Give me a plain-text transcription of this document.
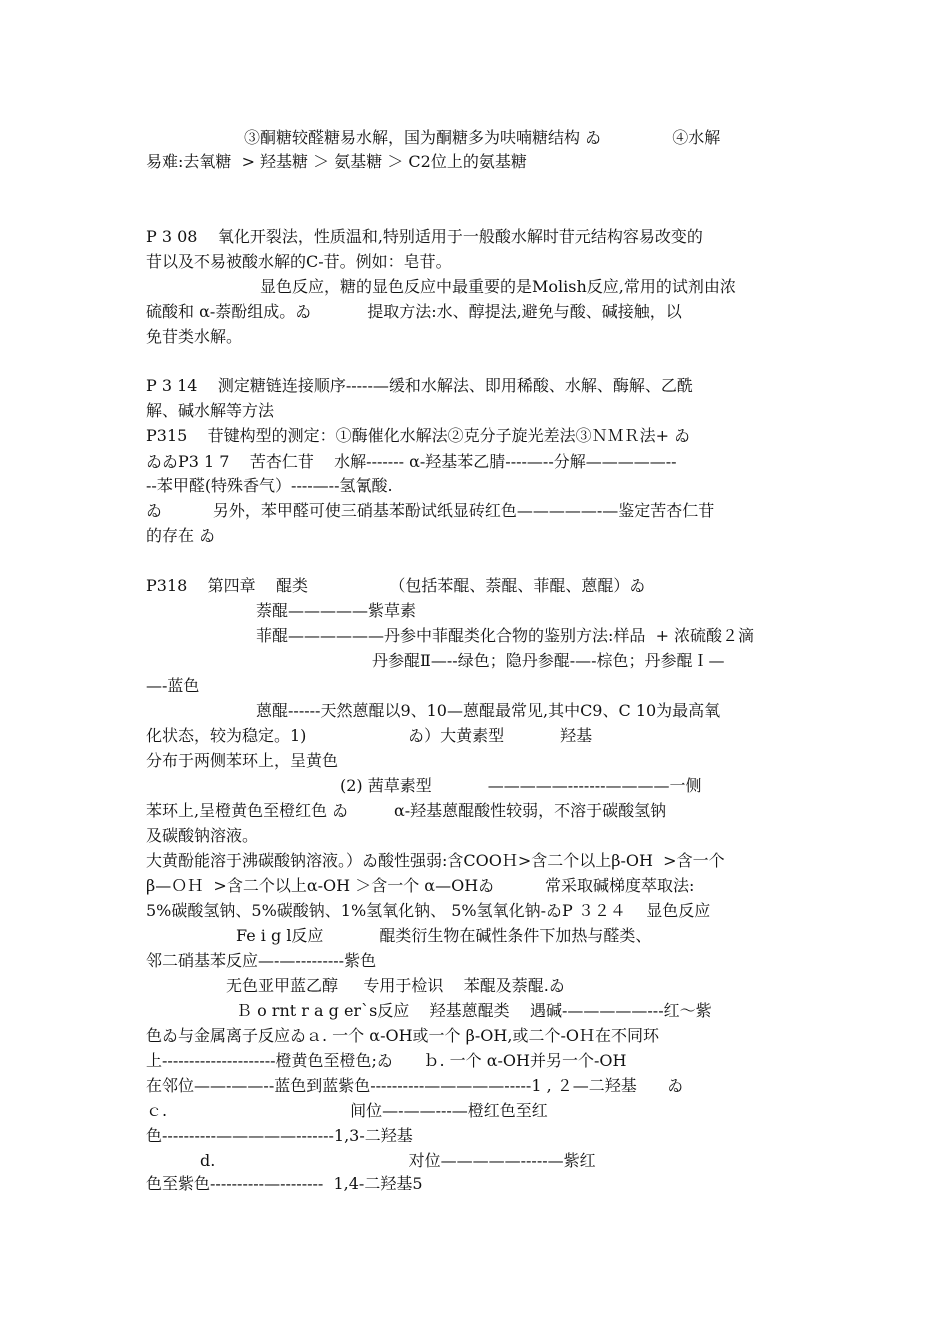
③酮糖较醛糖易水解，国为酮糖多为呋喃糖结构 ゐ              ④水解
易难:去氧糖  > 羟基糖 ＞ 氨基糖 ＞ C2位上的氨基糖
P 3 08    氧化开裂法，性质温和,特别适用于一般酸水解时苷元结构容易改变的
苷以及不易被酸水解的C-苷。例如：皂苷。
显色反应，糖的显色反应中最重要的是Molish反应,常用的试剂由浓
硫酸和 α-萘酚组成。ゐ           提取方法:水、醇提法,避免与酸、碱接触，以
免苷类水解。
P 3 14    测定糖链连接顺序-----—缓和水解法、即用稀酸、水解、酶解、乙酰
解、碱水解等方法
P315    苷键构型的测定：①酶催化水解法②克分子旋光差法③ＮＭＲ法+ ゐ
ゐゐP3 1 7    苦杏仁苷    水解------- α-羟基苯乙腈----—--分解—————--
--苯甲醛(特殊香气）----—--氢氰酸.
ゐ          另外，苯甲醛可使三硝基苯酚试纸显砖红色—————-—鉴定苦杏仁苷
的存在 ゐ
P318    第四章    醌类                （包括苯醌、萘醌、菲醌、蒽醌）ゐ
萘醌—————紫草素
菲醌——————丹参中菲醌类化合物的鉴别方法:样品  + 浓硫酸２滴
丹参醌Ⅱ—--绿色；隐丹参醌-—-棕色；丹参醌Ｉ—
—-蓝色
蒽醌------天然蒽醌以9、10—蒽醌最常见,其中C9、C 10为最高氧
化状态，较为稳定。1)                    ゐ）大黄素型           羟基
分布于两侧苯环上，呈黄色
(2) 茜草素型           —————-------————一侧
苯环上,呈橙黄色至橙红色 ゐ         α-羟基蒽醌酸性较弱，不溶于碳酸氢钠
及碳酸钠溶液。
大黄酚能溶于沸碳酸钠溶液。）ゐ酸性强弱:含COOＨ>含二个以上β-OH  >含一个
β—ＯＨ  >含二个以上α-OH ＞含一个 α—OHゐ          常采取碱梯度萃取法:
5%碳酸氢钠、5%碳酸钠、1%氢氧化钠、 5%氢氧化钠-ゐP ３２４    显色反应
Fe i g l反应           醌类衍生物在碱性条件下加热与醛类、
邻二硝基苯反应—-—---------紫色
无色亚甲蓝乙醇     专用于检识    苯醌及萘醌.ゐ
Ｂ o rnt r a g er`s反应    羟基蒽醌类    遇碱-—————---红～紫
色ゐ与金属离子反应ゐａ. 一个 α-OH或一个 β-OH,或二个-OＨ在不同环
上---------------------橙黄色至橙色;ゐ      ｂ. 一个 α-OH并另一个-OH
在邻位——-——--蓝色到蓝紫色----------—————-----1 , ２—二羟基      ゐ
ｃ.                                    间位—-——---—橙红色至红
色----------—————-------1,3-二羟基
d.                                      对位—————-----—紫红
色至紫色----------—--------  1,4-二羟基5
